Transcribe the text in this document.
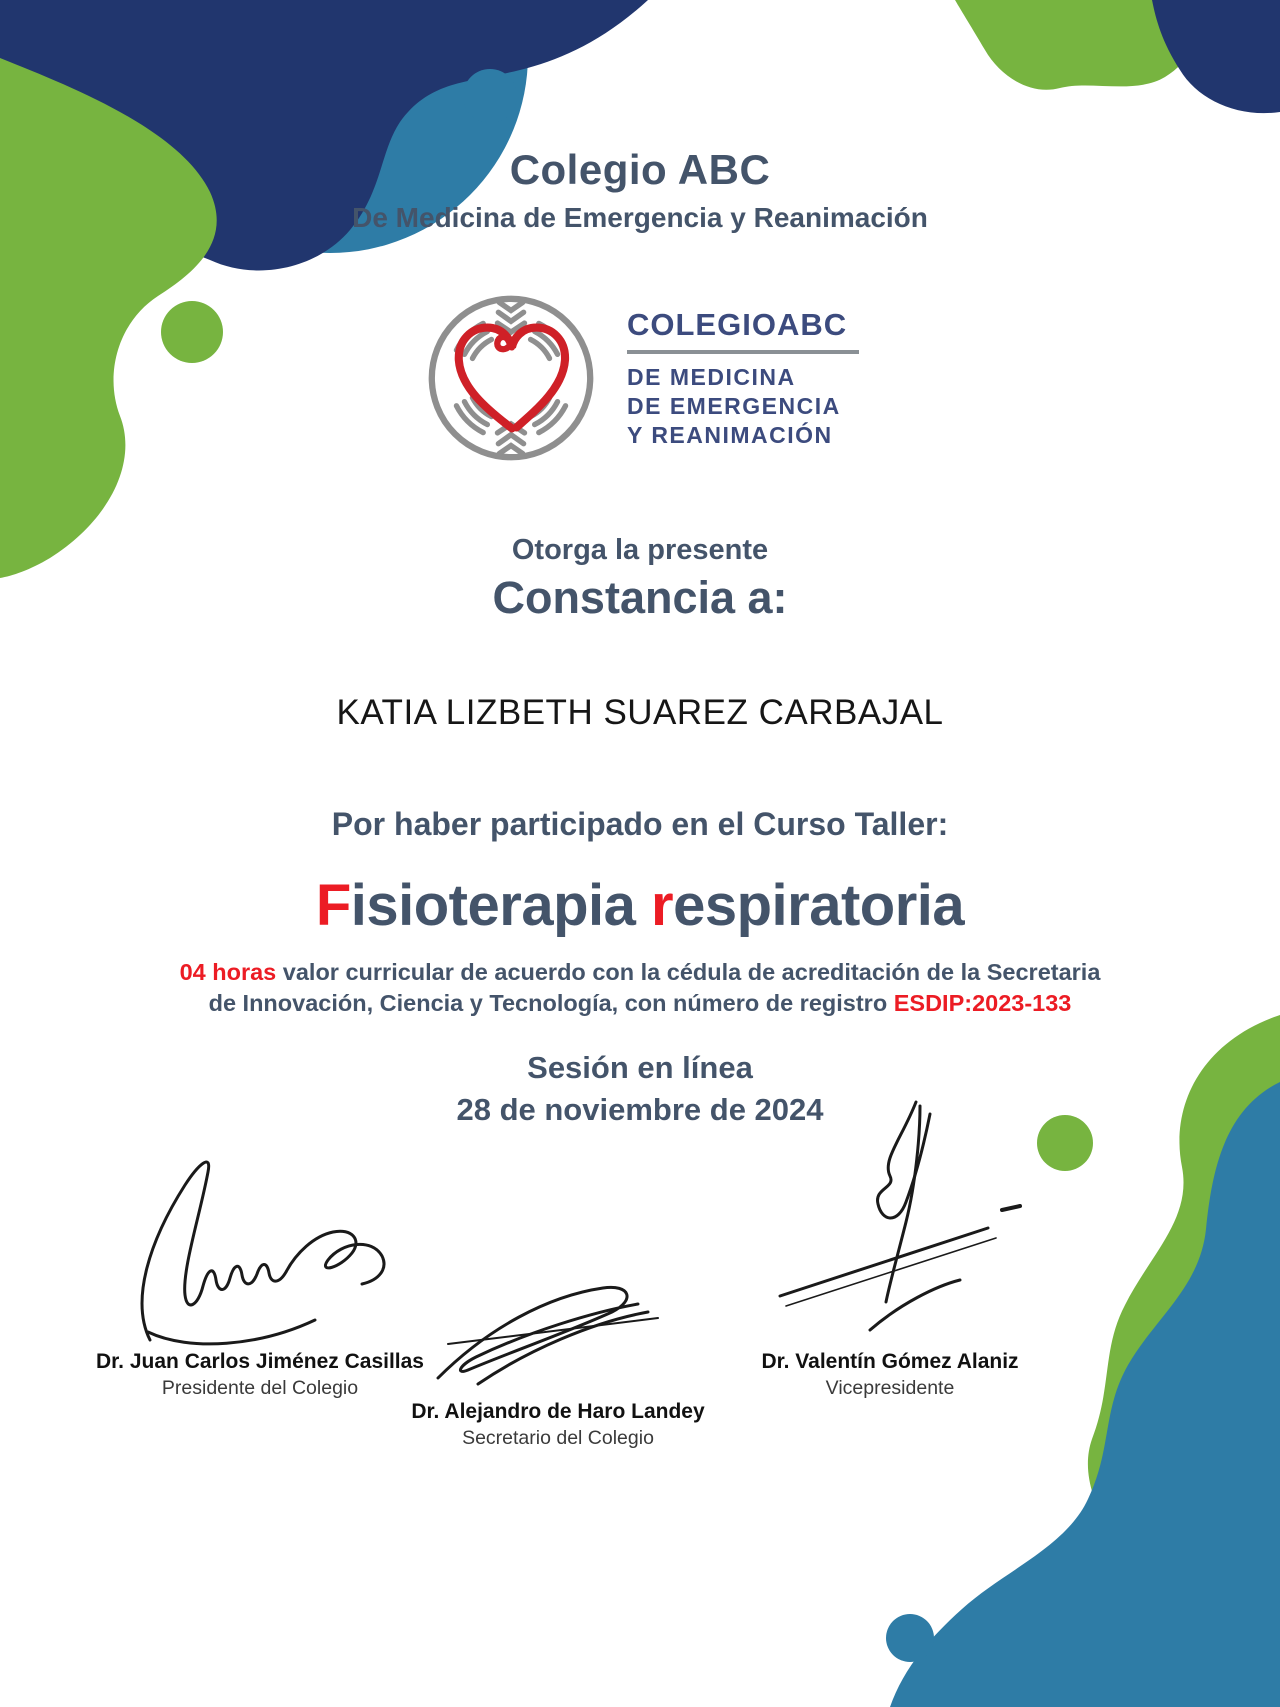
Colegio ABC
De Medicina de Emergencia y Reanimación
COLEGIOABC
DE MEDICINA
DE EMERGENCIA
Y REANIMACIÓN
Otorga la presente
Constancia a:
KATIA LIZBETH SUAREZ CARBAJAL
Por haber participado en el Curso Taller:
Fisioterapia respiratoria
04 horas valor curricular de acuerdo con la cédula de acreditación de la Secretaria
de Innovación, Ciencia y Tecnología, con número de registro ESDIP:2023-133
Sesión en línea
28 de noviembre de 2024
Dr. Juan Carlos Jiménez Casillas
Presidente del Colegio
Dr. Valentín Gómez Alaniz
Vicepresidente
Dr. Alejandro de Haro Landey
Secretario del Colegio
